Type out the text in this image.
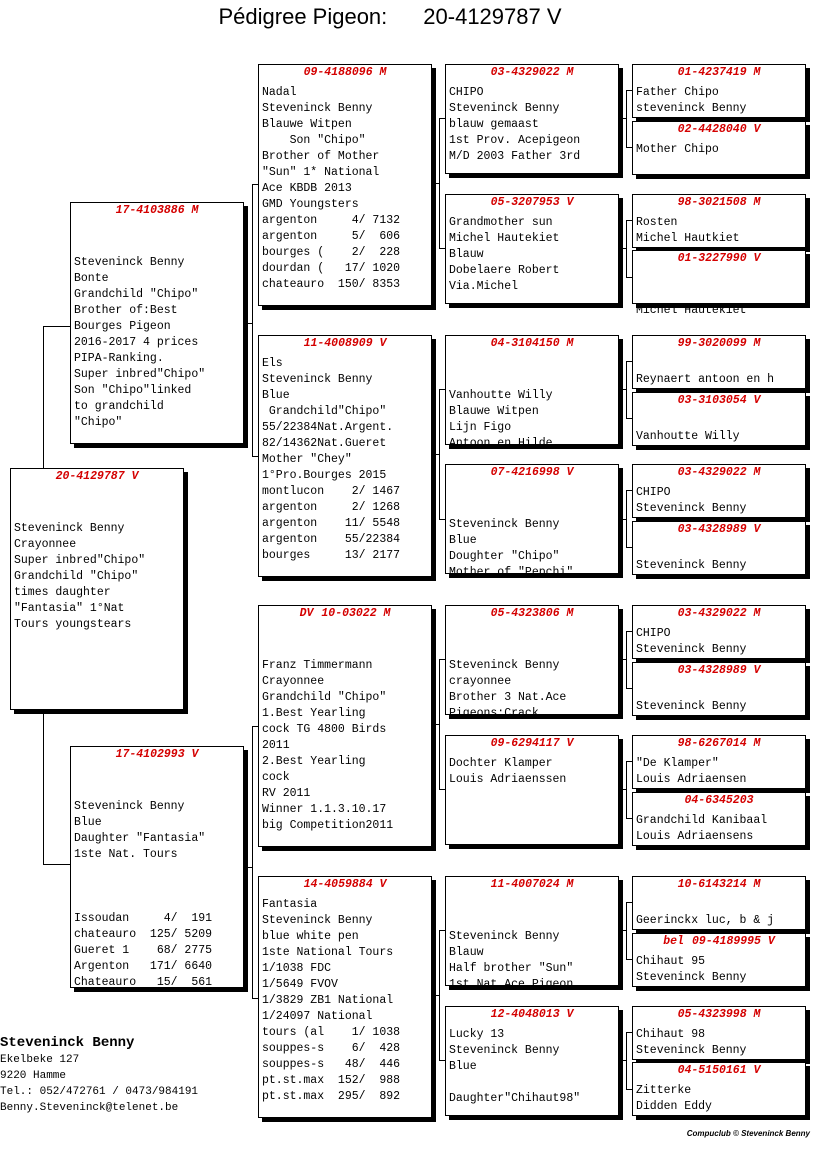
Pédigree Pigeon: 20-4129787 V
20-4129787 V
Steveninck Benny
Crayonnee
Super inbred"Chipo"
Grandchild "Chipo"
times daughter
"Fantasia" 1°Nat
Tours youngstears
17-4103886 M
Steveninck Benny
Bonte
Grandchild "Chipo"
Brother of:Best
Bourges Pigeon
2016-2017 4 prices
PIPA-Ranking.
Super inbred"Chipo"
Son "Chipo"linked
to grandchild
"Chipo"
17-4102993 V
Steveninck Benny
Blue
Daughter "Fantasia"
1ste Nat. Tours
Issoudan     4/  191
chateauro  125/ 5209
Gueret 1    68/ 2775
Argenton   171/ 6640
Chateauro   15/  561
09-4188096 M
Nadal
Steveninck Benny
Blauwe Witpen
Son "Chipo"
Brother of Mother
"Sun" 1* National
Ace KBDB 2013
GMD Youngsters
argenton     4/ 7132
argenton     5/  606
bourges (    2/  228
dourdan (   17/ 1020
chateauro  150/ 8353
11-4008909 V
Els
Steveninck Benny
Blue
Grandchild"Chipo"
55/22384Nat.Argent.
82/14362Nat.Gueret
Mother "Chey"
1°Pro.Bourges 2015
montlucon    2/ 1467
argenton     2/ 1268
argenton    11/ 5548
argenton    55/22384
bourges     13/ 2177
DV 10-03022 M
Franz Timmermann
Crayonnee
Grandchild "Chipo"
1.Best Yearling
cock TG 4800 Birds
2011
2.Best Yearling
cock
RV 2011
Winner 1.1.3.10.17
big Competition2011
14-4059884 V
Fantasia
Steveninck Benny
blue white pen
1ste National Tours
1/1038 FDC
1/5649 FVOV
1/3829 ZB1 National
1/24097 National
tours (al    1/ 1038
souppes-s    6/  428
souppes-s   48/  446
pt.st.max  152/  988
pt.st.max  295/  892
03-4329022 M
CHIPO
Steveninck Benny
blauw gemaast
1st Prov. Acepigeon
M/D 2003 Father 3rd
05-3207953 V
Grandmother sun
Michel Hautekiet
Blauw
Dobelaere Robert
Via.Michel
04-3104150 M
Vanhoutte Willy
Blauwe Witpen
Lijn Figo
Antoon en Hilde
07-4216998 V
Steveninck Benny
Blue
Doughter "Chipo"
Mother of "Pepchi"
05-4323806 M
Steveninck Benny
crayonnee
Brother 3 Nat.Ace
Pigeons:Crack,
09-6294117 V
Dochter Klamper
Louis Adriaenssen
11-4007024 M
Steveninck Benny
Blauw
Half brother "Sun"
1st Nat.Ace Pigeon
12-4048013 V
Lucky 13
Steveninck Benny
Blue
Daughter"Chihaut98"
01-4237419 M
Father Chipo
steveninck Benny
02-4428040 V
Mother Chipo
98-3021508 M
Rosten
Michel Hautkiet
01-3227990 V
Michel Hautekiet
99-3020099 M
Reynaert antoon en h
03-3103054 V
Vanhoutte Willy
03-4329022 M
CHIPO
Steveninck Benny
03-4328989 V
Steveninck Benny
03-4329022 M
CHIPO
Steveninck Benny
03-4328989 V
Steveninck Benny
98-6267014 M
"De Klamper"
Louis Adriaensen
04-6345203
Grandchild Kanibaal
Louis Adriaensens
10-6143214 M
Geerinckx luc, b & j
bel 09-4189995 V
Chihaut 95
Steveninck Benny
05-4323998 M
Chihaut 98
Steveninck Benny
04-5150161 V
Zitterke
Didden Eddy
Steveninck Benny
Ekelbeke 127
9220 Hamme
Tel.: 052/472761 / 0473/984191
Benny.Steveninck@telenet.be
Compuclub © Steveninck Benny
